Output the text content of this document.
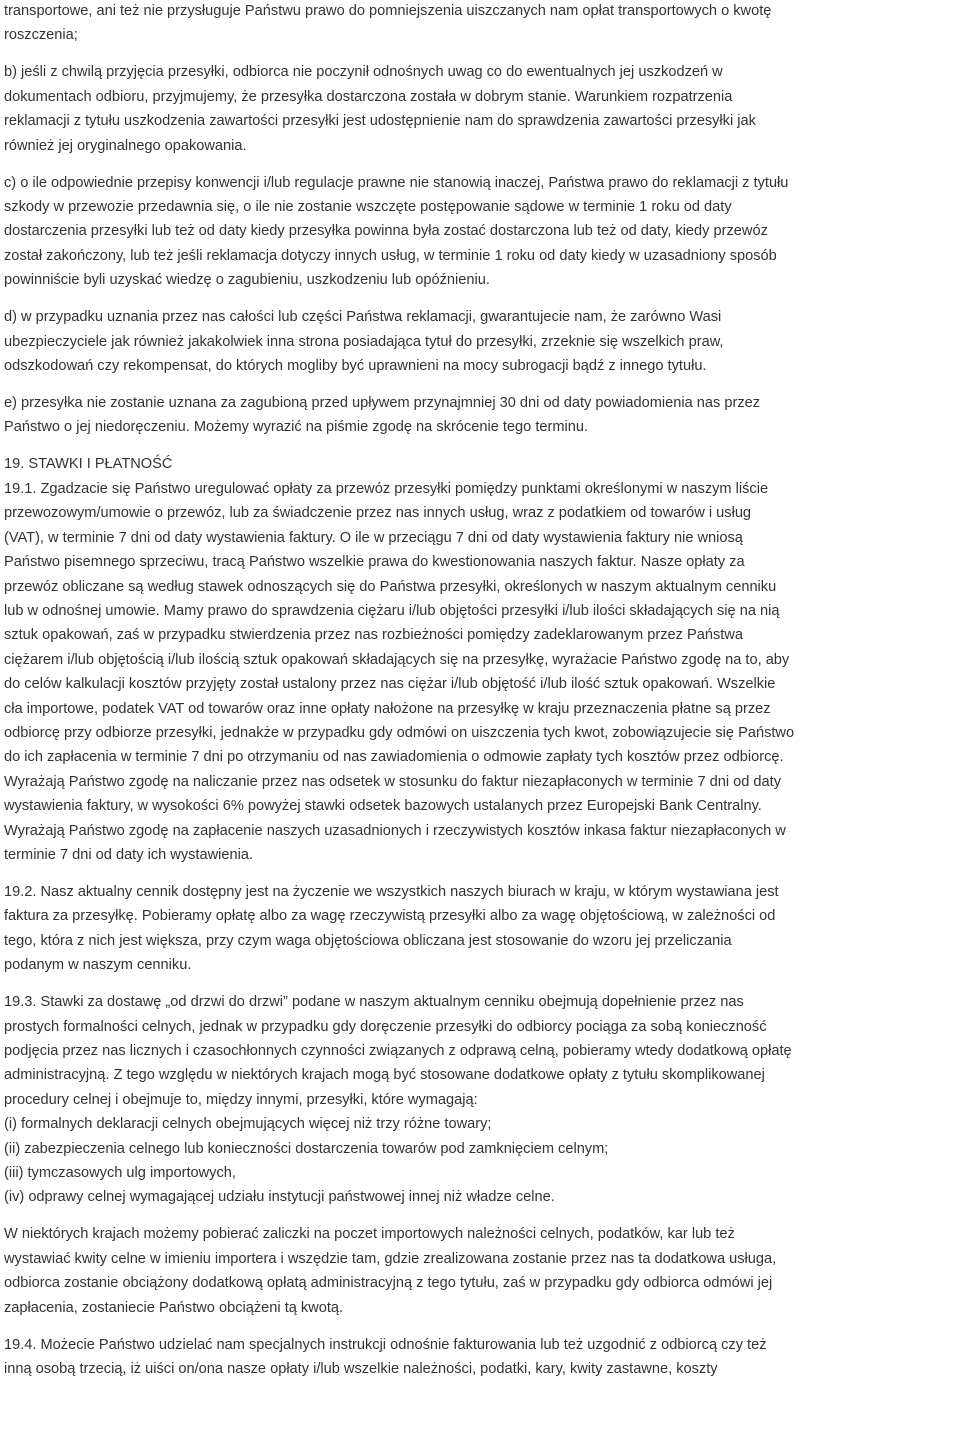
transportowe, ani też nie przysługuje Państwu prawo do pomniejszenia uiszczanych nam opłat transportowych o kwotę
roszczenia;
b) jeśli z chwilą przyjęcia przesyłki, odbiorca nie poczynił odnośnych uwag co do ewentualnych jej uszkodzeń w
dokumentach odbioru, przyjmujemy, że przesyłka dostarczona została w dobrym stanie. Warunkiem rozpatrzenia
reklamacji z tytułu uszkodzenia zawartości przesyłki jest udostępnienie nam do sprawdzenia zawartości przesyłki jak
również jej oryginalnego opakowania.
c) o ile odpowiednie przepisy konwencji i/lub regulacje prawne nie stanowią inaczej, Państwa prawo do reklamacji z tytułu
szkody w przewozie przedawnia się, o ile nie zostanie wszczęte postępowanie sądowe w terminie 1 roku od daty
dostarczenia przesyłki lub też od daty kiedy przesyłka powinna była zostać dostarczona lub też od daty, kiedy przewóz
został zakończony, lub też jeśli reklamacja dotyczy innych usług, w terminie 1 roku od daty kiedy w uzasadniony sposób
powinniście byli uzyskać wiedzę o zagubieniu, uszkodzeniu lub opóźnieniu.
d) w przypadku uznania przez nas całości lub części Państwa reklamacji, gwarantujecie nam, że zarówno Wasi
ubezpieczyciele jak również jakakolwiek inna strona posiadająca tytuł do przesyłki, zrzeknie się wszelkich praw,
odszkodowań czy rekompensat, do których mogliby być uprawnieni na mocy subrogacji bądź z innego tytułu.
e) przesyłka nie zostanie uznana za zagubioną przed upływem przynajmniej 30 dni od daty powiadomienia nas przez
Państwo o jej niedoręczeniu. Możemy wyrazić na piśmie zgodę na skrócenie tego terminu.
19. STAWKI I PŁATNOŚĆ
19.1. Zgadzacie się Państwo uregulować opłaty za przewóz przesyłki pomiędzy punktami określonymi w naszym liście
przewozowym/umowie o przewóz, lub za świadczenie przez nas innych usług, wraz z podatkiem od towarów i usług
(VAT), w terminie 7 dni od daty wystawienia faktury. O ile w przeciągu 7 dni od daty wystawienia faktury nie wniosą
Państwo pisemnego sprzeciwu, tracą Państwo wszelkie prawa do kwestionowania naszych faktur. Nasze opłaty za
przewóz obliczane są według stawek odnoszących się do Państwa przesyłki, określonych w naszym aktualnym cenniku
lub w odnośnej umowie. Mamy prawo do sprawdzenia ciężaru i/lub objętości przesyłki i/lub ilości składających się na nią
sztuk opakowań, zaś w przypadku stwierdzenia przez nas rozbieżności pomiędzy zadeklarowanym przez Państwa
ciężarem i/lub objętością i/lub ilością sztuk opakowań składających się na przesyłkę, wyrażacie Państwo zgodę na to, aby
do celów kalkulacji kosztów przyjęty został ustalony przez nas ciężar i/lub objętość i/lub ilość sztuk opakowań. Wszelkie
cła importowe, podatek VAT od towarów oraz inne opłaty nałożone na przesyłkę w kraju przeznaczenia płatne są przez
odbiorcę przy odbiorze przesyłki, jednakże w przypadku gdy odmówi on uiszczenia tych kwot, zobowiązujecie się Państwo
do ich zapłacenia w terminie 7 dni po otrzymaniu od nas zawiadomienia o odmowie zapłaty tych kosztów przez odbiorcę.
Wyrażają Państwo zgodę na naliczanie przez nas odsetek w stosunku do faktur niezapłaconych w terminie 7 dni od daty
wystawienia faktury, w wysokości 6% powyżej stawki odsetek bazowych ustalanych przez Europejski Bank Centralny.
Wyrażają Państwo zgodę na zapłacenie naszych uzasadnionych i rzeczywistych kosztów inkasa faktur niezapłaconych w
terminie 7 dni od daty ich wystawienia.
19.2. Nasz aktualny cennik dostępny jest na życzenie we wszystkich naszych biurach w kraju, w którym wystawiana jest
faktura za przesyłkę. Pobieramy opłatę albo za wagę rzeczywistą przesyłki albo za wagę objętościową, w zależności od
tego, która z nich jest większa, przy czym waga objętościowa obliczana jest stosowanie do wzoru jej przeliczania
podanym w naszym cenniku.
19.3. Stawki za dostawę „od drzwi do drzwi” podane w naszym aktualnym cenniku obejmują dopełnienie przez nas
prostych formalności celnych, jednak w przypadku gdy doręczenie przesyłki do odbiorcy pociąga za sobą konieczność
podjęcia przez nas licznych i czasochłonnych czynności związanych z odprawą celną, pobieramy wtedy dodatkową opłatę
administracyjną. Z tego względu w niektórych krajach mogą być stosowane dodatkowe opłaty z tytułu skomplikowanej
procedury celnej i obejmuje to, między innymi, przesyłki, które wymagają:
(i) formalnych deklaracji celnych obejmujących więcej niż trzy różne towary;
(ii) zabezpieczenia celnego lub konieczności dostarczenia towarów pod zamknięciem celnym;
(iii) tymczasowych ulg importowych,
(iv) odprawy celnej wymagającej udziału instytucji państwowej innej niż władze celne.
W niektórych krajach możemy pobierać zaliczki na poczet importowych należności celnych, podatków, kar lub też
wystawiać kwity celne w imieniu importera i wszędzie tam, gdzie zrealizowana zostanie przez nas ta dodatkowa usługa,
odbiorca zostanie obciążony dodatkową opłatą administracyjną z tego tytułu, zaś w przypadku gdy odbiorca odmówi jej
zapłacenia, zostaniecie Państwo obciążeni tą kwotą.
19.4. Możecie Państwo udzielać nam specjalnych instrukcji odnośnie fakturowania lub też uzgodnić z odbiorcą czy też
inną osobą trzecią, iż uiści on/ona nasze opłaty i/lub wszelkie należności, podatki, kary, kwity zastawne, koszty
